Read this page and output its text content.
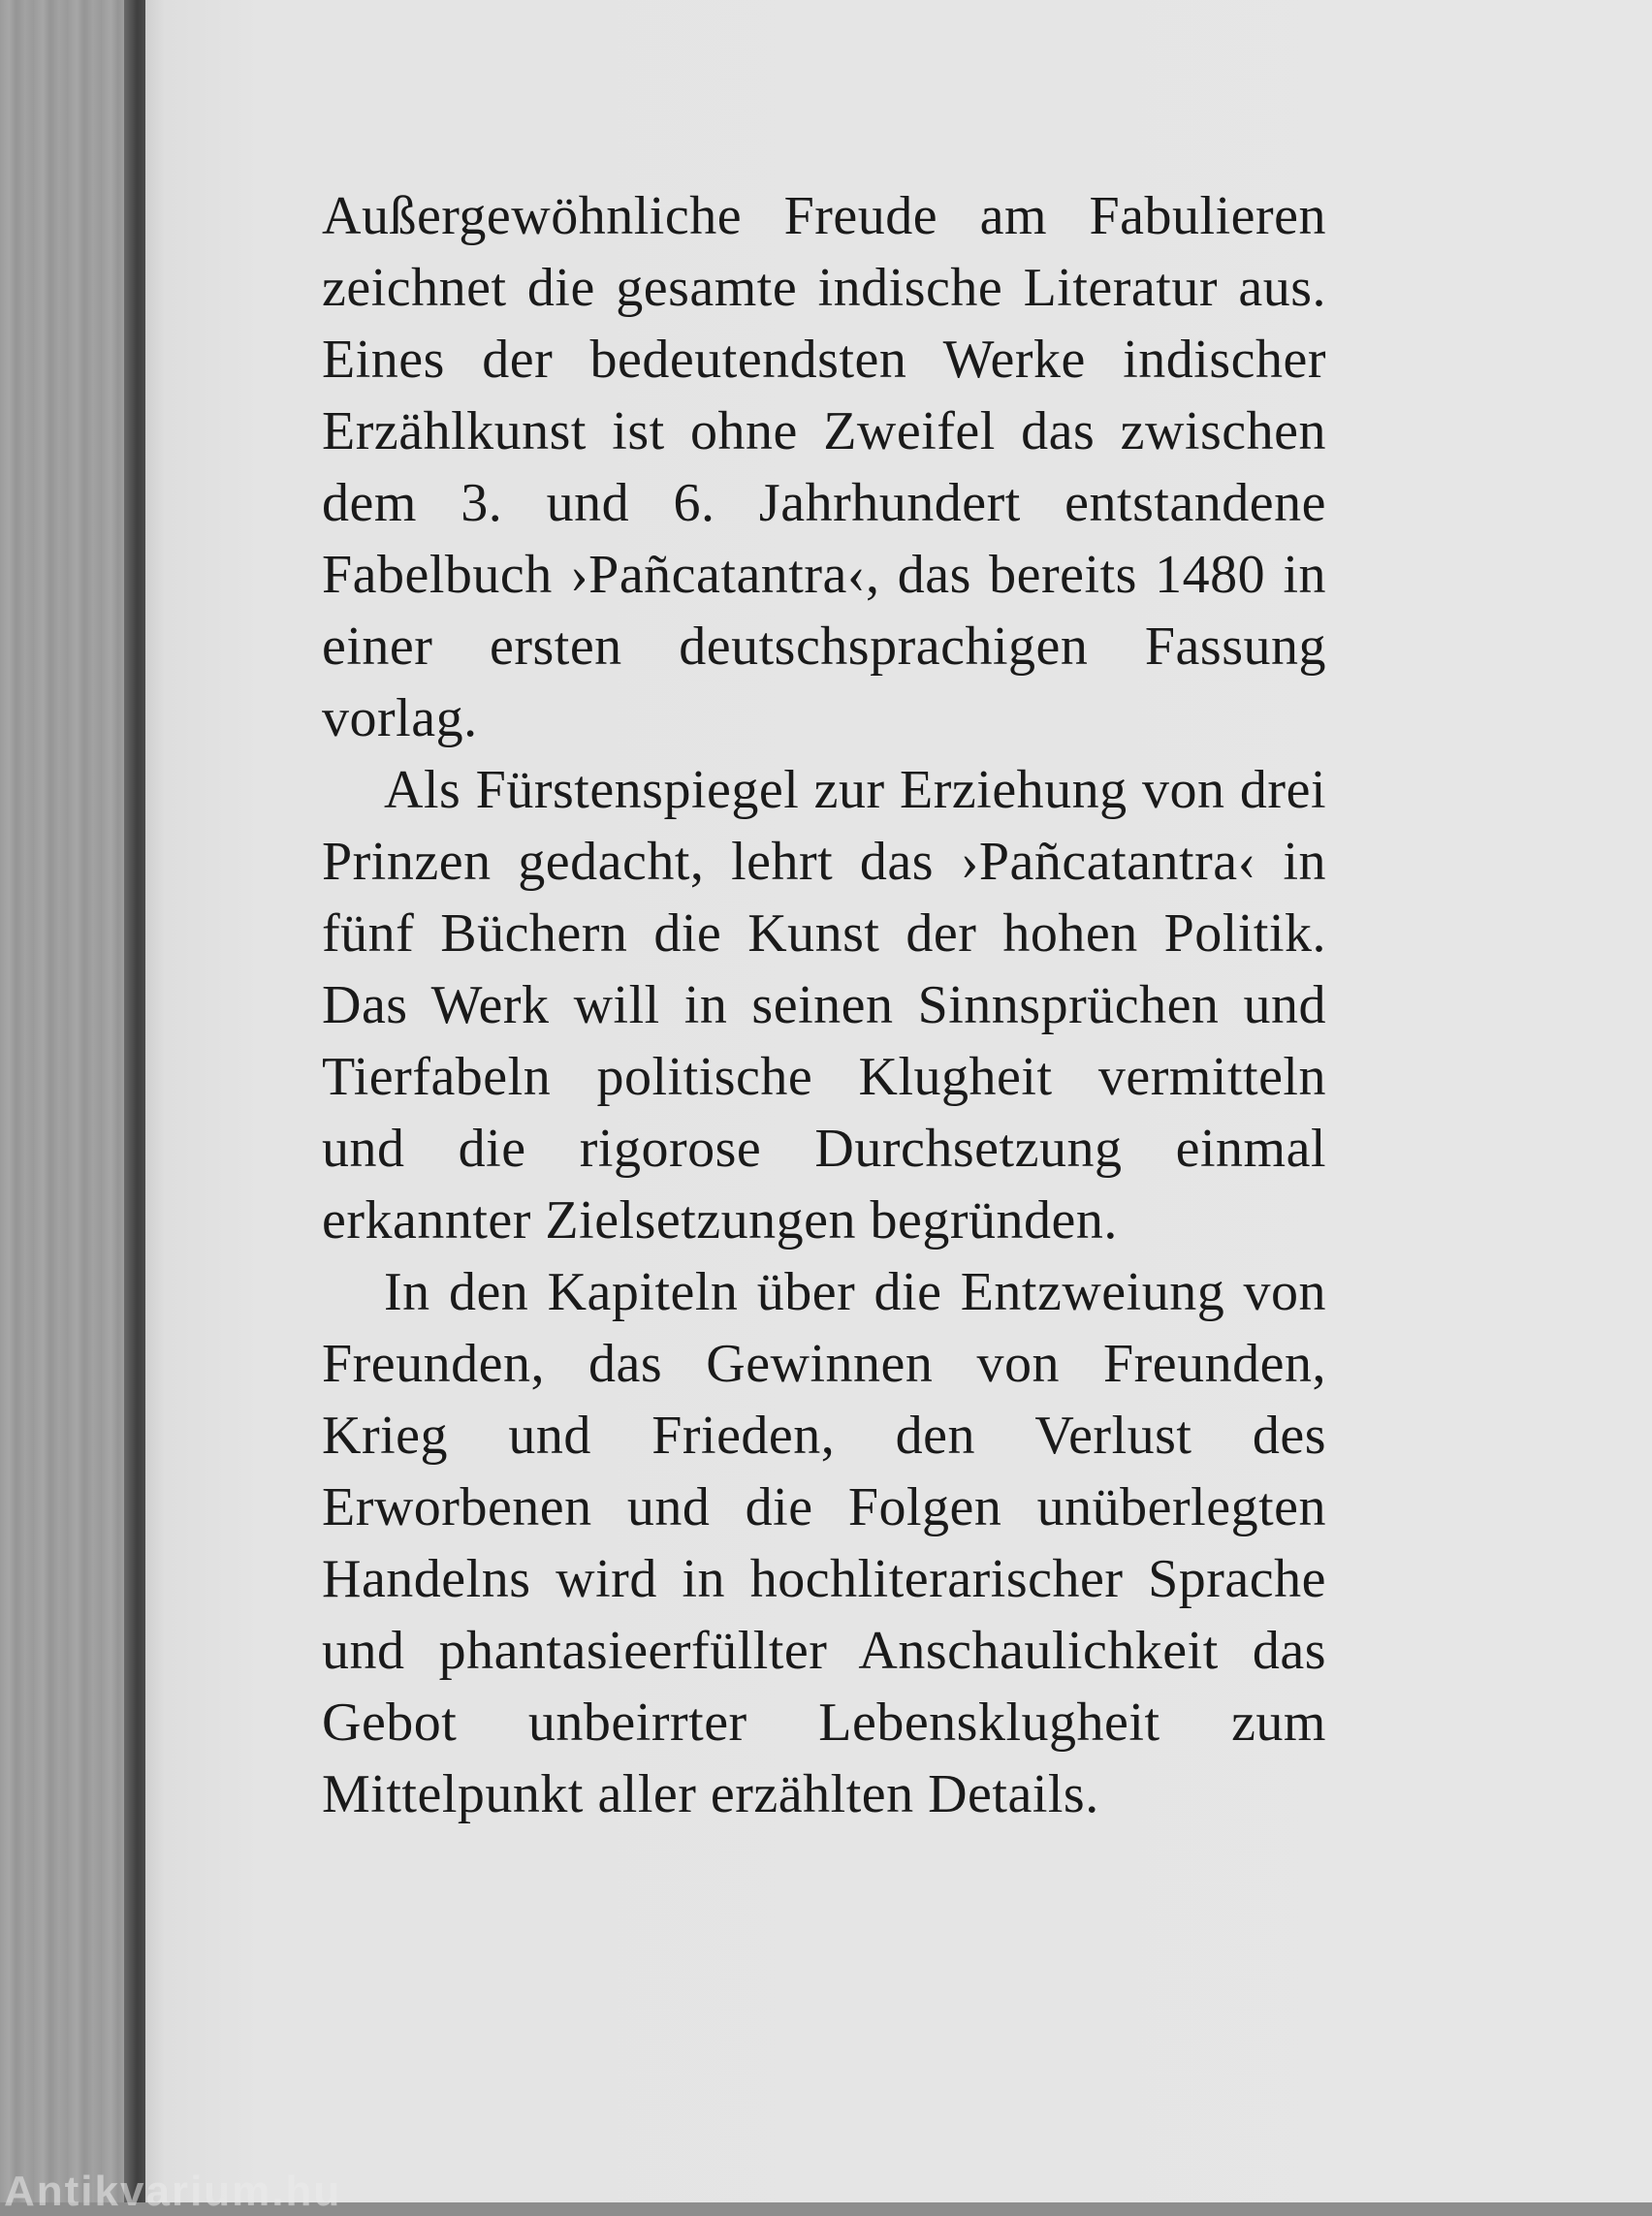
Außergewöhnliche Freude am Fabulieren zeichnet die gesamte indische Literatur aus. Eines der bedeutendsten Werke indischer Erzählkunst ist ohne Zweifel das zwischen dem 3. und 6. Jahrhundert entstandene Fabelbuch ›Pañcatantra‹, das bereits 1480 in einer ersten deutschsprachigen Fassung vorlag.

Als Fürstenspiegel zur Erziehung von drei Prinzen gedacht, lehrt das ›Pañcatantra‹ in fünf Büchern die Kunst der hohen Politik. Das Werk will in seinen Sinnsprüchen und Tierfabeln politische Klugheit vermitteln und die rigorose Durchsetzung einmal erkannter Zielsetzungen begründen.

In den Kapiteln über die Entzweiung von Freunden, das Gewinnen von Freunden, Krieg und Frieden, den Verlust des Erworbenen und die Folgen unüberlegten Handelns wird in hochliterarischer Sprache und phantasieerfüllter Anschaulichkeit das Gebot unbeirrter Lebensklugheit zum Mittelpunkt aller erzählten Details.

Antikvarium.hu
